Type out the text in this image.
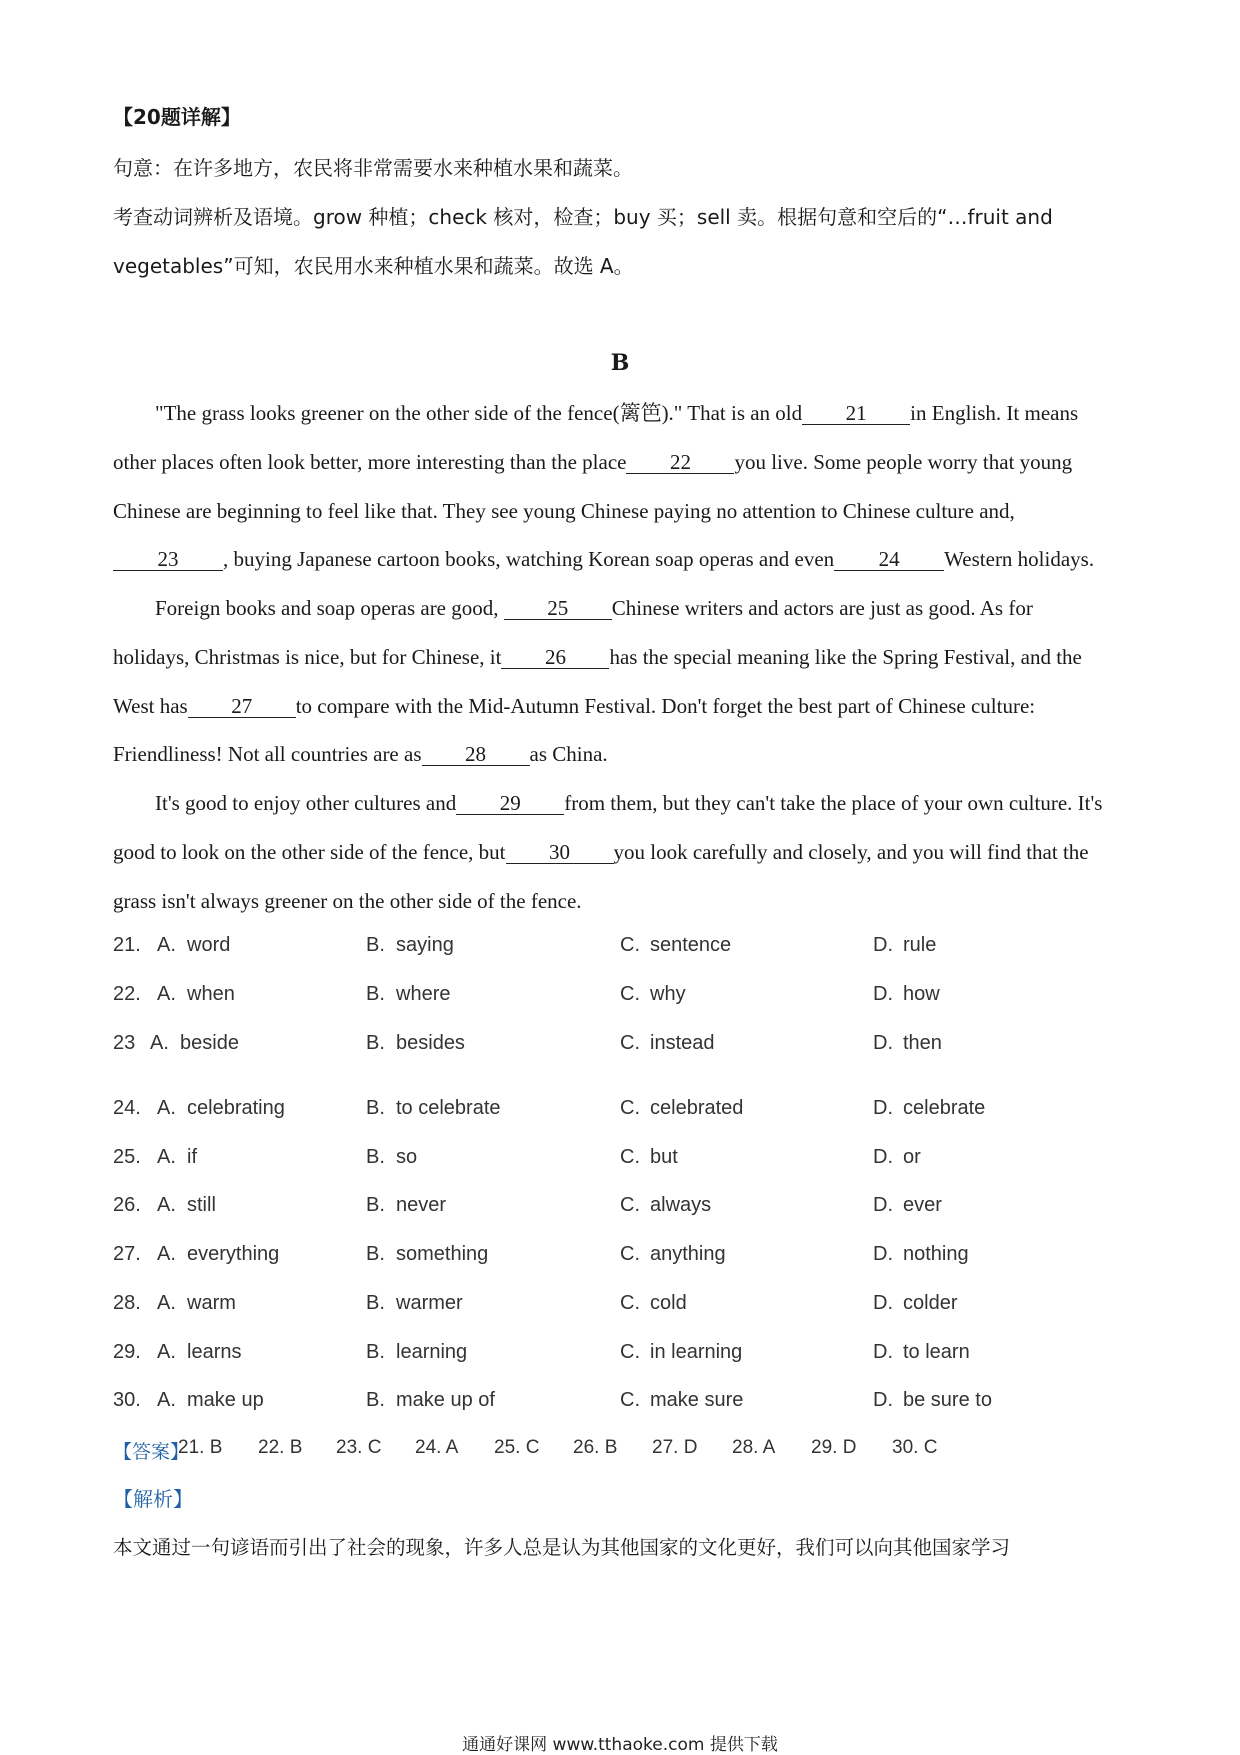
【20题详解】
句意：在许多地方，农民将非常需要水来种植水果和蔬菜。
考查动词辨析及语境。grow 种植；check 核对，检查；buy 买；sell 卖。根据句意和空后的“…fruit and
vegetables”可知，农民用水来种植水果和蔬菜。故选 A。
B
"The grass looks greener on the other side of the fence(篱笆)." That is an old 21 in English. It means
other places often look better, more interesting than the place 22 you live. Some people worry that young
Chinese are beginning to feel like that. They see young Chinese paying no attention to Chinese culture and,
23 , buying Japanese cartoon books, watching Korean soap operas and even 24 Western holidays.
Foreign books and soap operas are good, 25 Chinese writers and actors are just as good. As for
holidays, Christmas is nice, but for Chinese, it 26 has the special meaning like the Spring Festival, and the
West has 27 to compare with the Mid-Autumn Festival. Don't forget the best part of Chinese culture:
Friendliness! Not all countries are as 28 as China.
It's good to enjoy other cultures and 29 from them, but they can't take the place of your own culture. It's
good to look on the other side of the fence, but 30 you look carefully and closely, and you will find that the
grass isn't always greener on the other side of the fence.
21. A. word	B. saying	C. sentence	D. rule
22. A. when	B. where	C. why	D. how
23 A. beside	B. besides	C. instead	D. then
24. A. celebrating	B. to celebrate	C. celebrated	D. celebrate
25. A. if	B. so	C. but	D. or
26. A. still	B. never	C. always	D. ever
27. A. everything	B. something	C. anything	D. nothing
28. A. warm	B. warmer	C. cold	D. colder
29. A. learns	B. learning	C. in learning	D. to learn
30. A. make up	B. make up of	C. make sure	D. be sure to
【答案】
21. B 22. B 23. C 24. A 25. C 26. B 27. D 28. A 29. D 30. C
【解析】
本文通过一句谚语而引出了社会的现象，许多人总是认为其他国家的文化更好，我们可以向其他国家学习
通通好课网 www.tthaoke.com 提供下载
